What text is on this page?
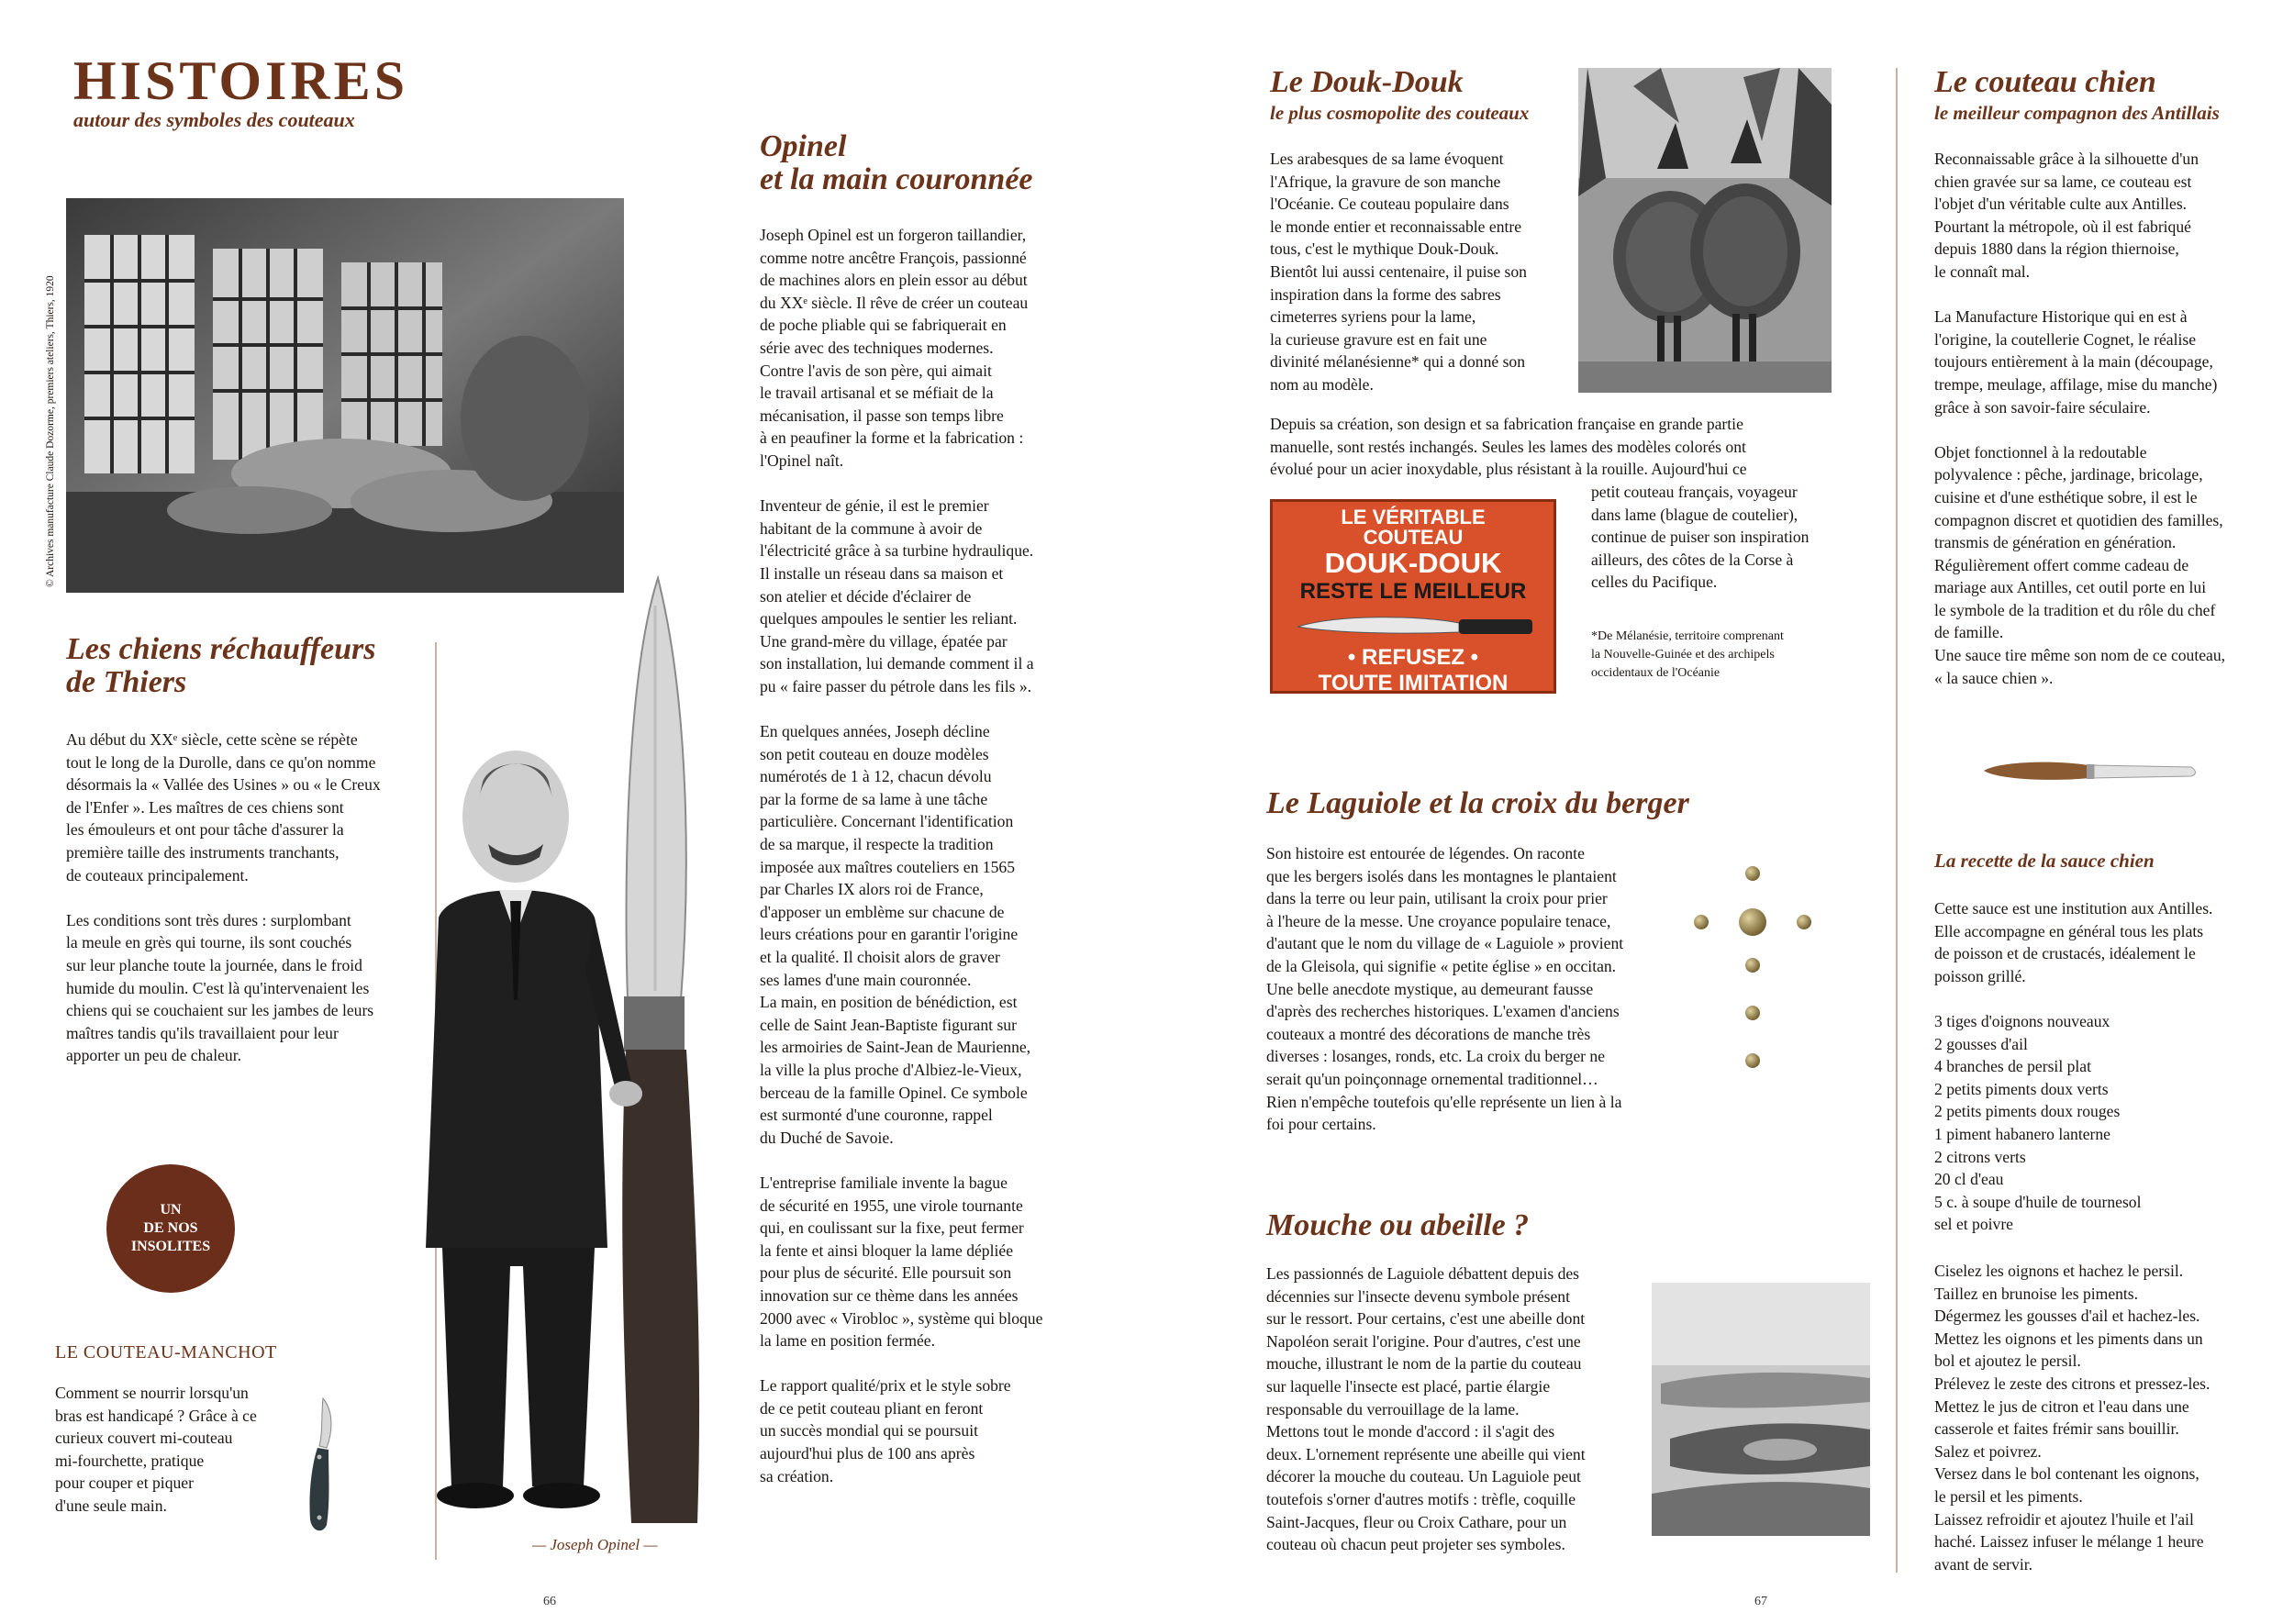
HISTOIRES
autour des symboles des couteaux
© Archives manufacture Claude Dozorme, premiers ateliers, Thiers, 1920
Les chiens réchauffeurs
de Thiers
Au début du XXᵉ siècle, cette scène se répète
tout le long de la Durolle, dans ce qu'on nomme
désormais la « Vallée des Usines » ou « le Creux
de l'Enfer ». Les maîtres de ces chiens sont
les émouleurs et ont pour tâche d'assurer la
première taille des instruments tranchants,
de couteaux principalement.

Les conditions sont très dures : surplombant
la meule en grès qui tourne, ils sont couchés
sur leur planche toute la journée, dans le froid
humide du moulin. C'est là qu'intervenaient les
chiens qui se couchaient sur les jambes de leurs
maîtres tandis qu'ils travaillaient pour leur
apporter un peu de chaleur.
UN
DE NOS
INSOLITES
LE COUTEAU-MANCHOT
Comment se nourrir lorsqu'un
bras est handicapé ? Grâce à ce
curieux couvert mi-couteau
mi-fourchette, pratique
pour couper et piquer
d'une seule main.
— Joseph Opinel —
Opinel
et la main couronnée
Joseph Opinel est un forgeron taillandier,
comme notre ancêtre François, passionné
de machines alors en plein essor au début
du XXᵉ siècle. Il rêve de créer un couteau
de poche pliable qui se fabriquerait en
série avec des techniques modernes.
Contre l'avis de son père, qui aimait
le travail artisanal et se méfiait de la
mécanisation, il passe son temps libre
à en peaufiner la forme et la fabrication :
l'Opinel naît.

Inventeur de génie, il est le premier
habitant de la commune à avoir de
l'électricité grâce à sa turbine hydraulique.
Il installe un réseau dans sa maison et
son atelier et décide d'éclairer de
quelques ampoules le sentier les reliant.
Une grand-mère du village, épatée par
son installation, lui demande comment il a
pu « faire passer du pétrole dans les fils ».

En quelques années, Joseph décline
son petit couteau en douze modèles
numérotés de 1 à 12, chacun dévolu
par la forme de sa lame à une tâche
particulière. Concernant l'identification
de sa marque, il respecte la tradition
imposée aux maîtres couteliers en 1565
par Charles IX alors roi de France,
d'apposer un emblème sur chacune de
leurs créations pour en garantir l'origine
et la qualité. Il choisit alors de graver
ses lames d'une main couronnée.
La main, en position de bénédiction, est
celle de Saint Jean-Baptiste figurant sur
les armoiries de Saint-Jean de Maurienne,
la ville la plus proche d'Albiez-le-Vieux,
berceau de la famille Opinel. Ce symbole
est surmonté d'une couronne, rappel
du Duché de Savoie.

L'entreprise familiale invente la bague
de sécurité en 1955, une virole tournante
qui, en coulissant sur la fixe, peut fermer
la fente et ainsi bloquer la lame dépliée
pour plus de sécurité. Elle poursuit son
innovation sur ce thème dans les années
2000 avec « Virobloc », système qui bloque
la lame en position fermée.

Le rapport qualité/prix et le style sobre
de ce petit couteau pliant en feront
un succès mondial qui se poursuit
aujourd'hui plus de 100 ans après
sa création.
66
Le Douk-Douk
le plus cosmopolite des couteaux
Les arabesques de sa lame évoquent
l'Afrique, la gravure de son manche
l'Océanie. Ce couteau populaire dans
le monde entier et reconnaissable entre
tous, c'est le mythique Douk-Douk.
Bientôt lui aussi centenaire, il puise son
inspiration dans la forme des sabres
cimeterres syriens pour la lame,
la curieuse gravure est en fait une
divinité mélanésienne* qui a donné son
nom au modèle.
Depuis sa création, son design et sa fabrication française en grande partie
manuelle, sont restés inchangés. Seules les lames des modèles colorés ont
évolué pour un acier inoxydable, plus résistant à la rouille. Aujourd'hui ce
LE VÉRITABLE
COUTEAU
DOUK-DOUK
RESTE LE MEILLEUR
• REFUSEZ •
TOUTE IMITATION
petit couteau français, voyageur
dans lame (blague de coutelier),
continue de puiser son inspiration
ailleurs, des côtes de la Corse à
celles du Pacifique.
*De Mélanésie, territoire comprenant
la Nouvelle-Guinée et des archipels
occidentaux de l'Océanie
Le Laguiole et la croix du berger
Son histoire est entourée de légendes. On raconte
que les bergers isolés dans les montagnes le plantaient
dans la terre ou leur pain, utilisant la croix pour prier
à l'heure de la messe. Une croyance populaire tenace,
d'autant que le nom du village de « Laguiole » provient
de la Gleisola, qui signifie « petite église » en occitan.
Une belle anecdote mystique, au demeurant fausse
d'après des recherches historiques. L'examen d'anciens
couteaux a montré des décorations de manche très
diverses : losanges, ronds, etc. La croix du berger ne
serait qu'un poinçonnage ornemental traditionnel…
Rien n'empêche toutefois qu'elle représente un lien à la
foi pour certains.
Mouche ou abeille ?
Les passionnés de Laguiole débattent depuis des
décennies sur l'insecte devenu symbole présent
sur le ressort. Pour certains, c'est une abeille dont
Napoléon serait l'origine. Pour d'autres, c'est une
mouche, illustrant le nom de la partie du couteau
sur laquelle l'insecte est placé, partie élargie
responsable du verrouillage de la lame.
Mettons tout le monde d'accord : il s'agit des
deux. L'ornement représente une abeille qui vient
décorer la mouche du couteau. Un Laguiole peut
toutefois s'orner d'autres motifs : trèfle, coquille
Saint-Jacques, fleur ou Croix Cathare, pour un
couteau où chacun peut projeter ses symboles.
Le couteau chien
le meilleur compagnon des Antillais
Reconnaissable grâce à la silhouette d'un
chien gravée sur sa lame, ce couteau est
l'objet d'un véritable culte aux Antilles.
Pourtant la métropole, où il est fabriqué
depuis 1880 dans la région thiernoise,
le connaît mal.

La Manufacture Historique qui en est à
l'origine, la coutellerie Cognet, le réalise
toujours entièrement à la main (découpage,
trempe, meulage, affilage, mise du manche)
grâce à son savoir-faire séculaire.

Objet fonctionnel à la redoutable
polyvalence : pêche, jardinage, bricolage,
cuisine et d'une esthétique sobre, il est le
compagnon discret et quotidien des familles,
transmis de génération en génération.
Régulièrement offert comme cadeau de
mariage aux Antilles, cet outil porte en lui
le symbole de la tradition et du rôle du chef
de famille.
Une sauce tire même son nom de ce couteau,
« la sauce chien ».
La recette de la sauce chien
Cette sauce est une institution aux Antilles.
Elle accompagne en général tous les plats
de poisson et de crustacés, idéalement le
poisson grillé.
3 tiges d'oignons nouveaux
2 gousses d'ail
4 branches de persil plat
2 petits piments doux verts
2 petits piments doux rouges
1 piment habanero lanterne
2 citrons verts
20 cl d'eau
5 c. à soupe d'huile de tournesol
sel et poivre
Ciselez les oignons et hachez le persil.
Taillez en brunoise les piments.
Dégermez les gousses d'ail et hachez-les.
Mettez les oignons et les piments dans un
bol et ajoutez le persil.
Prélevez le zeste des citrons et pressez-les.
Mettez le jus de citron et l'eau dans une
casserole et faites frémir sans bouillir.
Salez et poivrez.
Versez dans le bol contenant les oignons,
le persil et les piments.
Laissez refroidir et ajoutez l'huile et l'ail
haché. Laissez infuser le mélange 1 heure
avant de servir.
67
